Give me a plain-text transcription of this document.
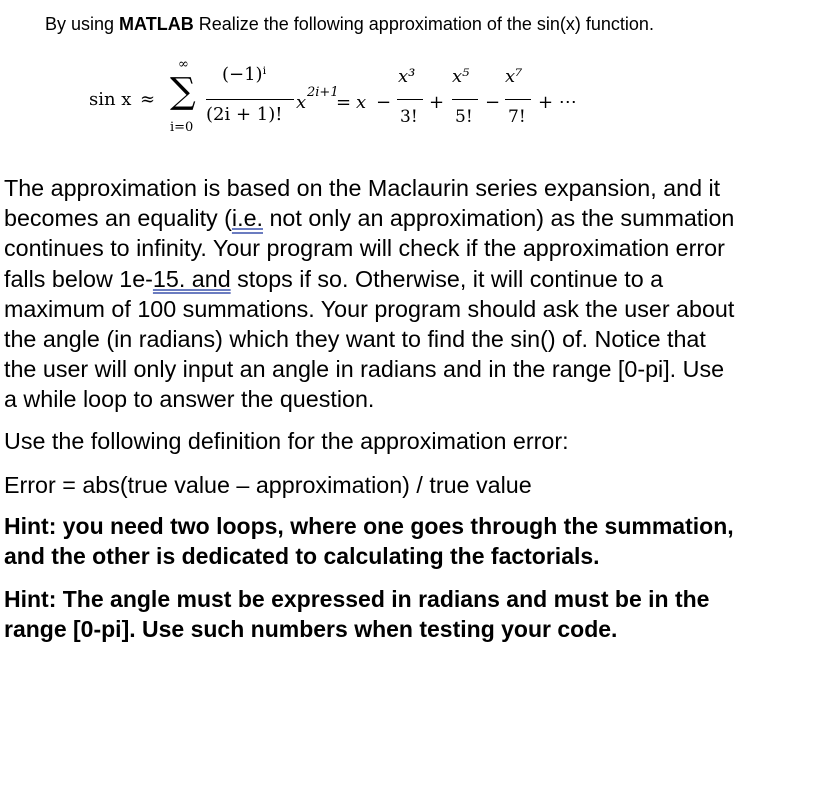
By using MATLAB Realize the following approximation of the sin(x) function.
sin x ≈
∞
∑
i=0
(−1)ⁱ
(2i + 1)!
x 2i+1
= x −
x³
3!
+
x⁵
5!
−
x⁷
7!
+ ⋯

The approximation is based on the Maclaurin series expansion, and it
becomes an equality (i.e. not only an approximation) as the summation
continues to infinity. Your program will check if the approximation error
falls below 1e-15. and stops if so. Otherwise, it will continue to a
maximum of 100 summations. Your program should ask the user about
the angle (in radians) which they want to find the sin() of. Notice that
the user will only input an angle in radians and in the range [0-pi]. Use
a while loop to answer the question.

Use the following definition for the approximation error:

Error = abs(true value – approximation) / true value

Hint: you need two loops, where one goes through the summation,
and the other is dedicated to calculating the factorials.

Hint: The angle must be expressed in radians and must be in the
range [0-pi]. Use such numbers when testing your code.
